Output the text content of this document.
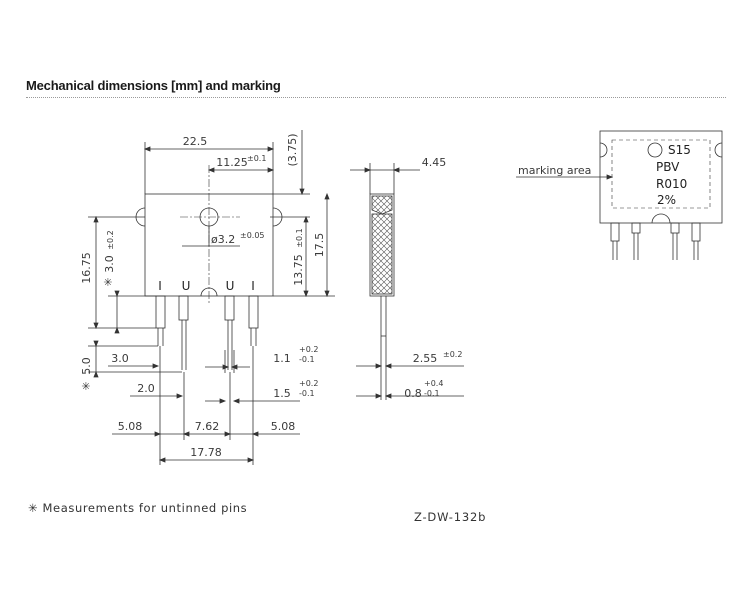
Mechanical dimensions [mm] and marking
22.5
11.25 ±0.1 (3.75)
ø3.2 ±0.05	17.5
13.75
±0.1
16.75 3.0
±0.2
✳
5.0
✳
I U	U I
3.0
2.0
1.1
+0.2
-0.1
1.5
+0.2
-0.1
5.08	7.62	5.08
17.78
4.45
2.55 ±0.2
0.8
+0.4
-0.1
marking area
S15
PBV
R010
2%
✳ Measurements for untinned pins
Z-DW-132b
